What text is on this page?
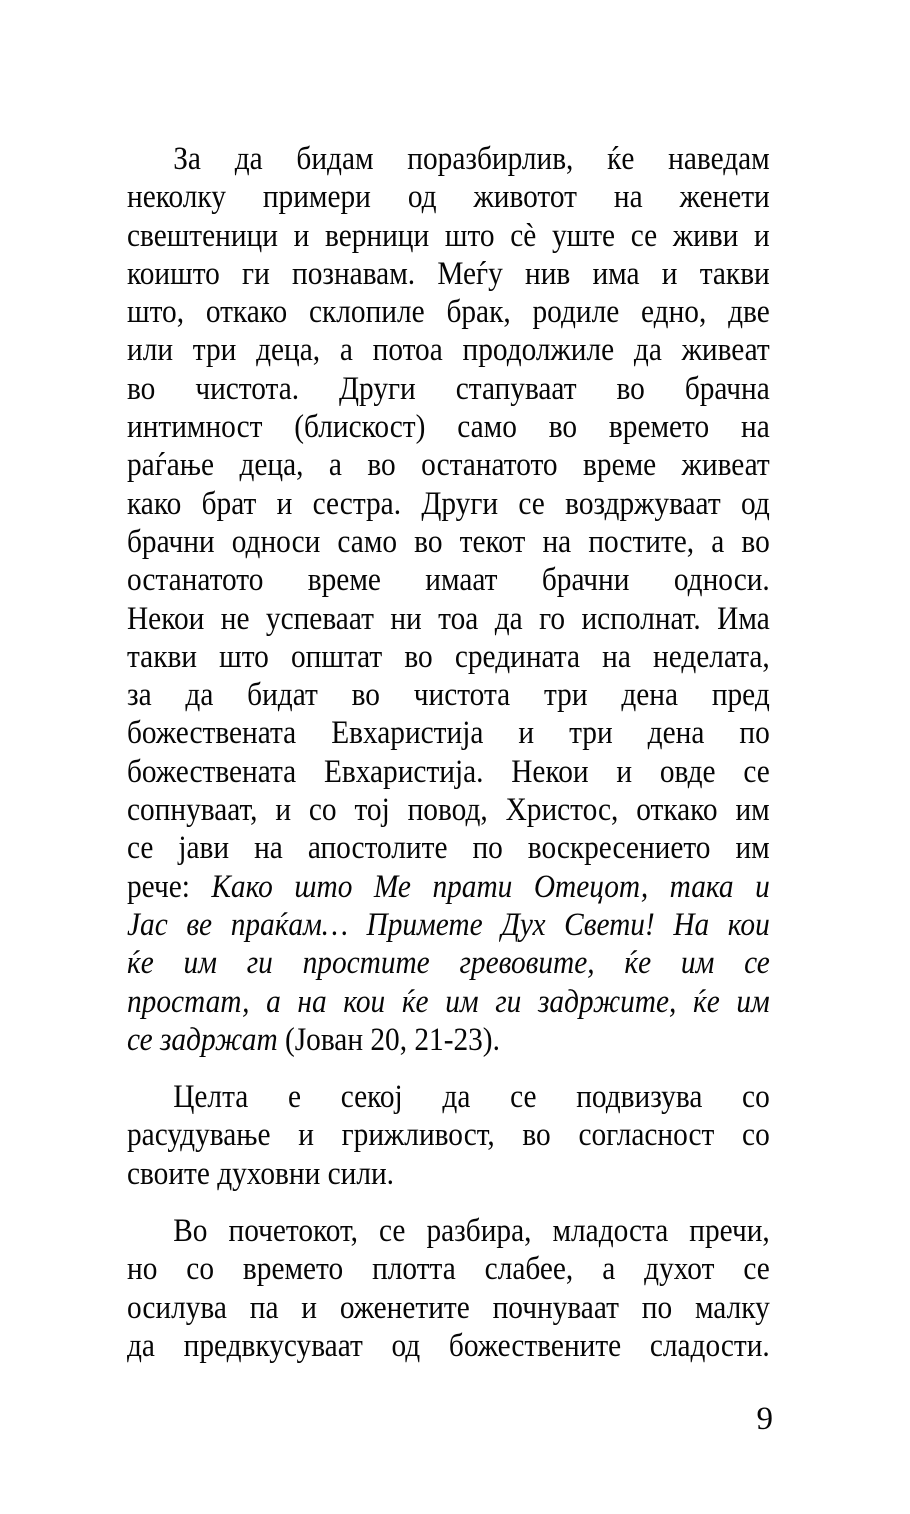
За да бидам поразбирлив, ќе наведам
неколку примери од животот на женети
свештеници и верници што сè уште се живи и
коишто ги познавам. Меѓу нив има и такви
што, откако склопиле брак, родиле едно, две
или три деца, а потоа продолжиле да живеат
во чистота. Други стапуваат во брачна
интимност (блискост) само во времето на
раѓање деца, а во останатото време живеат
како брат и сестра. Други се воздржуваат од
брачни односи само во текот на постите, а во
останатото време имаат брачни односи.
Некои не успеваат ни тоа да го исполнат. Има
такви што општат во средината на неделата,
за да бидат во чистота три дена пред
божествената Евхаристија и три дена по
божествената Евхаристија. Некои и овде се
сопнуваат, и со тој повод, Христос, откако им
се јави на апостолите по воскресението им
рече: Како што Ме прати Отецот, така и
Јас ве праќам… Примете Дух Свети! На кои
ќе им ги простите гревовите, ќе им се
простат, а на кои ќе им ги задржите, ќе им
се задржат (Јован 20, 21-23).
Целта е секој да се подвизува со
расудување и грижливост, во согласност со
своите духовни сили.
Во почетокот, се разбира, младоста пречи,
но со времето плотта слабее, а духот се
осилува па и оженетите почнуваат по малку
да предвкусуваат од божествените сладости.
9
